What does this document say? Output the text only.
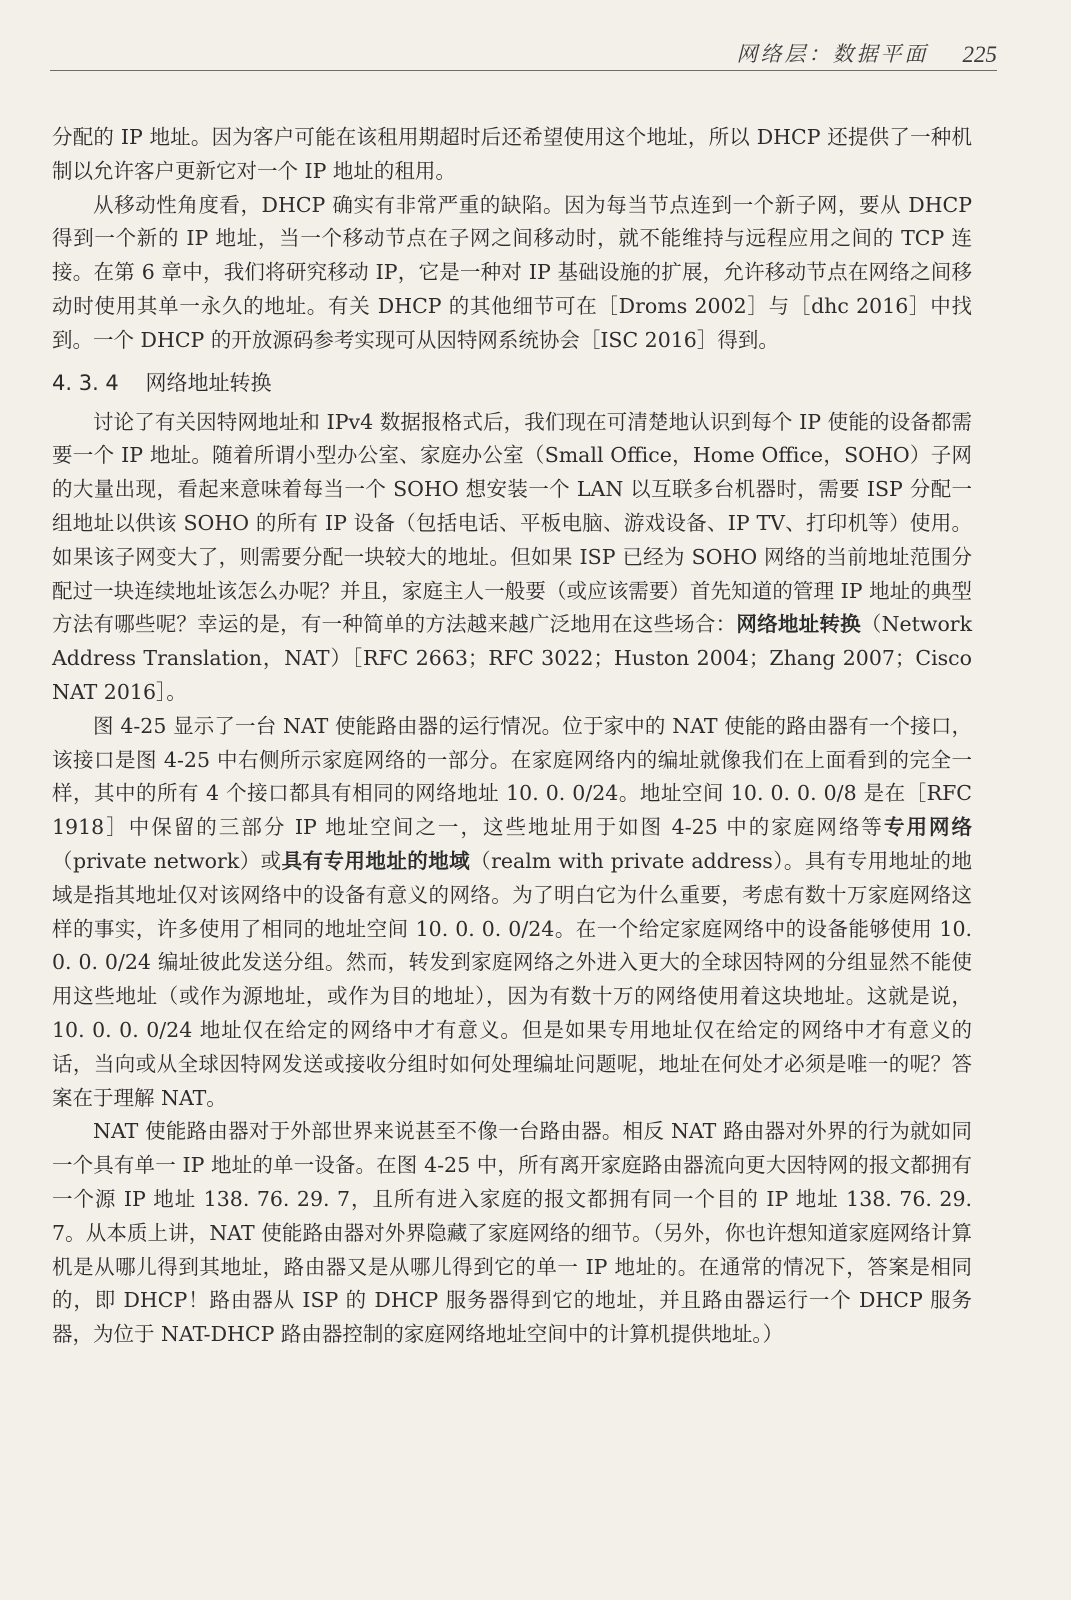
网络层：数据平面 225

分配的 IP 地址。因为客户可能在该租用期超时后还希望使用这个地址，所以 DHCP 还提供了一种机制以允许客户更新它对一个 IP 地址的租用。

从移动性角度看，DHCP 确实有非常严重的缺陷。因为每当节点连到一个新子网，要从 DHCP 得到一个新的 IP 地址，当一个移动节点在子网之间移动时，就不能维持与远程应用之间的 TCP 连接。在第 6 章中，我们将研究移动 IP，它是一种对 IP 基础设施的扩展，允许移动节点在网络之间移动时使用其单一永久的地址。有关 DHCP 的其他细节可在［Droms 2002］与［dhc 2016］中找到。一个 DHCP 的开放源码参考实现可从因特网系统协会［ISC 2016］得到。

4. 3. 4 网络地址转换

讨论了有关因特网地址和 IPv4 数据报格式后，我们现在可清楚地认识到每个 IP 使能的设备都需要一个 IP 地址。随着所谓小型办公室、家庭办公室（Small Office，Home Office，SOHO）子网的大量出现，看起来意味着每当一个 SOHO 想安装一个 LAN 以互联多台机器时，需要 ISP 分配一组地址以供该 SOHO 的所有 IP 设备（包括电话、平板电脑、游戏设备、IP TV、打印机等）使用。如果该子网变大了，则需要分配一块较大的地址。但如果 ISP 已经为 SOHO 网络的当前地址范围分配过一块连续地址该怎么办呢？并且，家庭主人一般要（或应该需要）首先知道的管理 IP 地址的典型方法有哪些呢？幸运的是，有一种简单的方法越来越广泛地用在这些场合：网络地址转换（Network Address Translation，NAT）［RFC 2663；RFC 3022；Huston 2004；Zhang 2007；Cisco NAT 2016］。

图 4-25 显示了一台 NAT 使能路由器的运行情况。位于家中的 NAT 使能的路由器有一个接口，该接口是图 4-25 中右侧所示家庭网络的一部分。在家庭网络内的编址就像我们在上面看到的完全一样，其中的所有 4 个接口都具有相同的网络地址 10. 0. 0/24。地址空间 10. 0. 0. 0/8 是在［RFC 1918］中保留的三部分 IP 地址空间之一，这些地址用于如图 4-25 中的家庭网络等专用网络（private network）或具有专用地址的地域（realm with private address）。具有专用地址的地域是指其地址仅对该网络中的设备有意义的网络。为了明白它为什么重要，考虑有数十万家庭网络这样的事实，许多使用了相同的地址空间 10. 0. 0. 0/24。在一个给定家庭网络中的设备能够使用 10. 0. 0. 0/24 编址彼此发送分组。然而，转发到家庭网络之外进入更大的全球因特网的分组显然不能使用这些地址（或作为源地址，或作为目的地址），因为有数十万的网络使用着这块地址。这就是说，10. 0. 0. 0/24 地址仅在给定的网络中才有意义。但是如果专用地址仅在给定的网络中才有意义的话，当向或从全球因特网发送或接收分组时如何处理编址问题呢，地址在何处才必须是唯一的呢？答案在于理解 NAT。

NAT 使能路由器对于外部世界来说甚至不像一台路由器。相反 NAT 路由器对外界的行为就如同一个具有单一 IP 地址的单一设备。在图 4-25 中，所有离开家庭路由器流向更大因特网的报文都拥有一个源 IP 地址 138. 76. 29. 7，且所有进入家庭的报文都拥有同一个目的 IP 地址 138. 76. 29. 7。从本质上讲，NAT 使能路由器对外界隐藏了家庭网络的细节。（另外，你也许想知道家庭网络计算机是从哪儿得到其地址，路由器又是从哪儿得到它的单一 IP 地址的。在通常的情况下，答案是相同的，即 DHCP！路由器从 ISP 的 DHCP 服务器得到它的地址，并且路由器运行一个 DHCP 服务器，为位于 NAT-DHCP 路由器控制的家庭网络地址空间中的计算机提供地址。）
